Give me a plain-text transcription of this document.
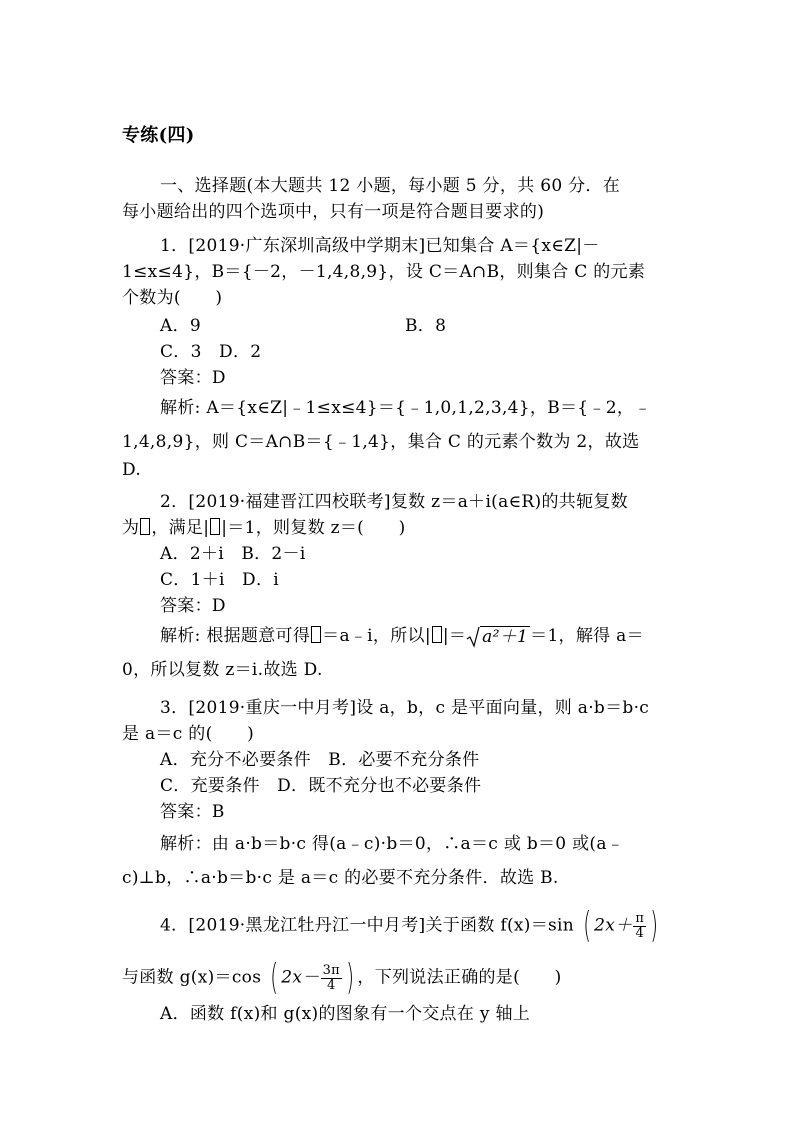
专练(四)
一、选择题(本大题共 12 小题，每小题 5 分，共 60 分．在
每小题给出的四个选项中，只有一项是符合题目要求的)
1．[2019·广东深圳高级中学期末]已知集合 A＝{x∈Z|－
1≤x≤4}，B＝{－2，－1,4,8,9}，设 C＝A∩B，则集合 C 的元素
个数为(　　)
A．9	B．8
C．3　D．2
答案：D
解析: A＝{x∈Z|﹣1≤x≤4}＝{﹣1,0,1,2,3,4}，B＝{﹣2，﹣
1,4,8,9}，则 C＝A∩B＝{﹣1,4}，集合 C 的元素个数为 2，故选
D.
2．[2019·福建晋江四校联考]复数 z＝a＋i(a∈R)的共轭复数
为 ，满足| |＝1，则复数 z＝(　　)
A．2＋i　B．2－i
C．1＋i　D．i
答案：D
解析: 根据题意可得 ＝a﹣i，所以| |＝ a²＋1 ＝1，解得 a＝
0，所以复数 z＝i.故选 D.
3．[2019·重庆一中月考]设 a，b，c 是平面向量，则 a·b＝b·c
是 a＝c 的(　　)
A．充分不必要条件　B．必要不充分条件
C．充要条件　D．既不充分也不必要条件
答案：B
解析：由 a·b＝b·c 得(a﹣c)·b＝0，∴a＝c 或 b＝0 或(a﹣
c)⊥b，∴a·b＝b·c 是 a＝c 的必要不充分条件．故选 B.
4．[2019·黑龙江牡丹江一中月考]关于函数 f(x)＝sin ( $2x+ \frac{\pi}{4}$ )
与函数 g(x)＝cos ( $2x- \frac{3\pi}{4}$ ) ，下列说法正确的是(　　)
A．函数 f(x)和 g(x)的图象有一个交点在 y 轴上
